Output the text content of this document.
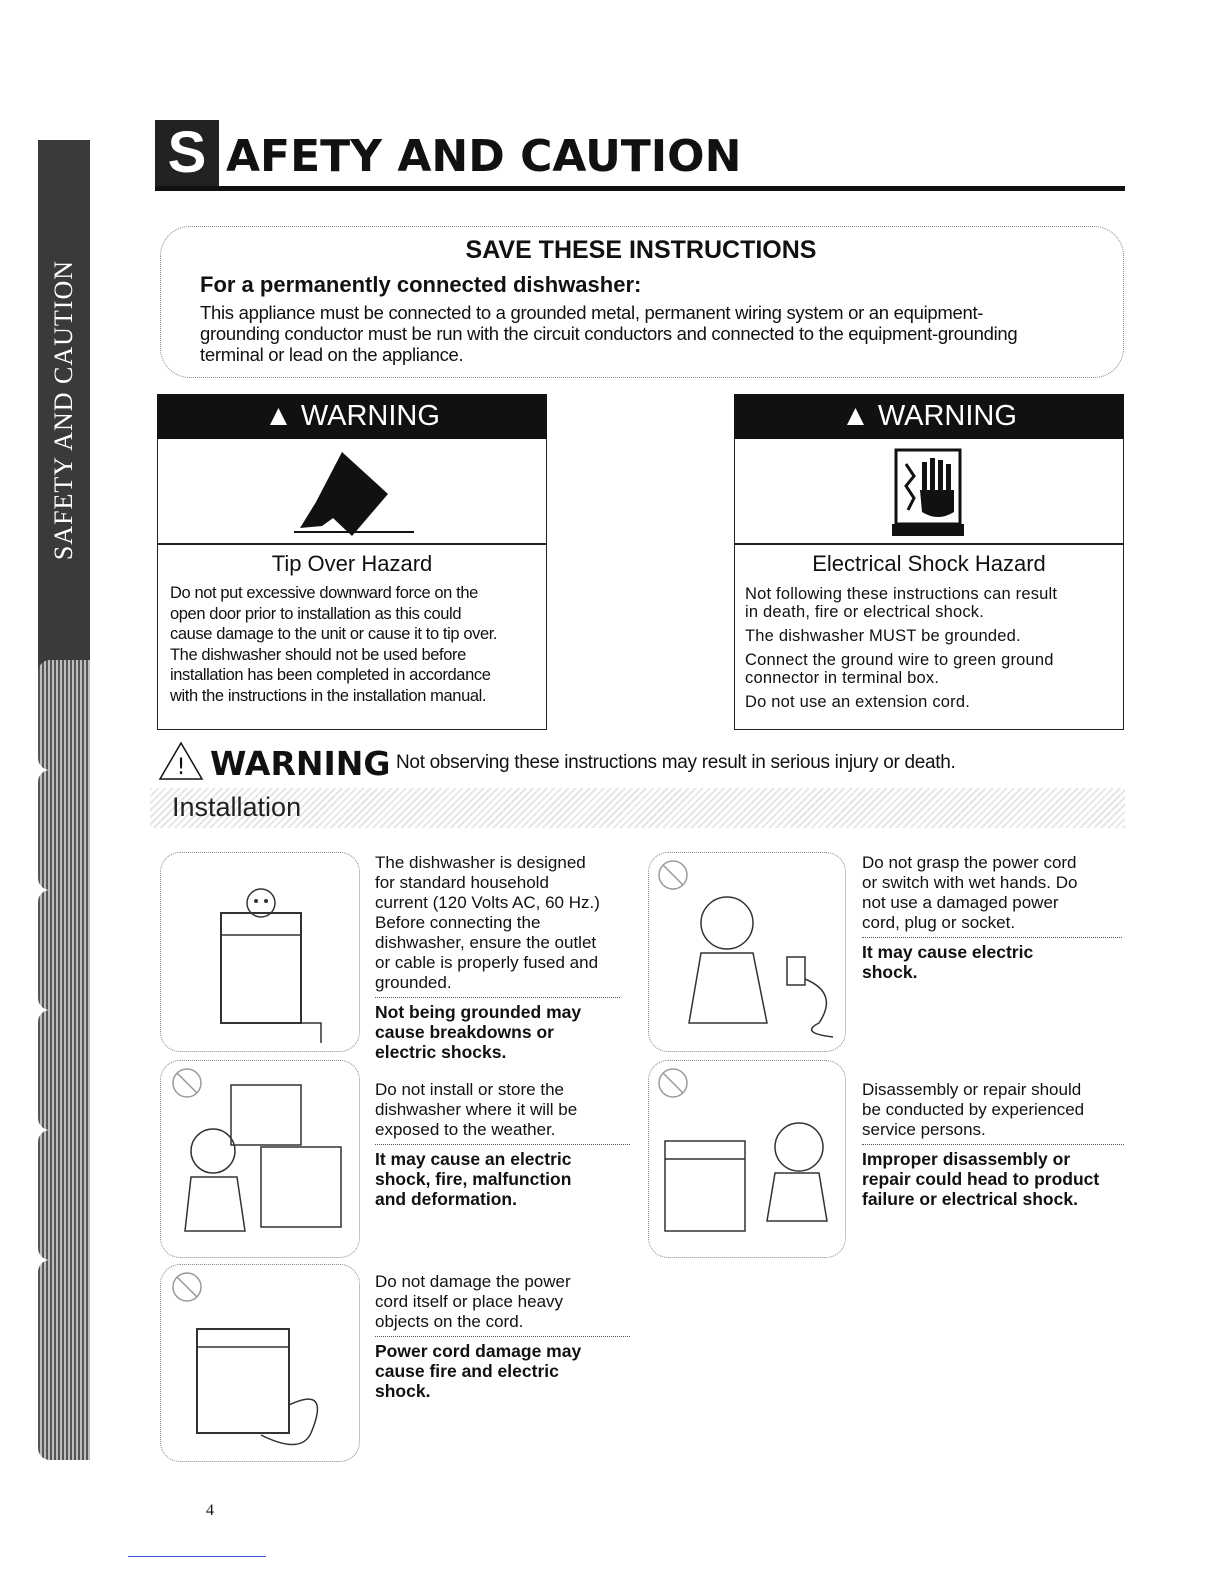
SAFETY AND CAUTION
S AFETY AND CAUTION
SAVE THESE INSTRUCTIONS
For a permanently connected dishwasher:
This appliance must be connected to a grounded metal, permanent wiring system or an equipment-
grounding conductor must be run with the circuit conductors and connected to the equipment-grounding
terminal or lead on the appliance.
▲ WARNING
Tip Over Hazard
Do not put excessive downward force on the
open door prior to installation as this could
cause damage to the unit or cause it to tip over.
The dishwasher should not be used before
installation has been completed in accordance
with the instructions in the installation manual.
▲ WARNING
Electrical Shock Hazard
Not following these instructions can result
in death, fire or electrical shock.
The dishwasher MUST be grounded.
Connect the ground wire to green ground
connector in terminal box.
Do not use an extension cord.
! WARNING Not observing these instructions may result in serious injury or death.
Installation
The dishwasher is designed
for standard household
current (120 Volts AC, 60 Hz.)
Before connecting the
dishwasher, ensure the outlet
or cable is properly fused and
grounded.
Not being grounded may
cause breakdowns or
electric shocks.
Do not grasp the power cord
or switch with wet hands. Do
not use a damaged power
cord, plug or socket.
It may cause electric
shock.
Do not install or store the
dishwasher where it will be
exposed to the weather.
It may cause an electric
shock, fire, malfunction
and deformation.
Disassembly or repair should
be conducted by experienced
service persons.
Improper disassembly or
repair could head to product
failure or electrical shock.
Do not damage the power
cord itself or place heavy
objects on the cord.
Power cord damage may
cause fire and electric
shock.
4
